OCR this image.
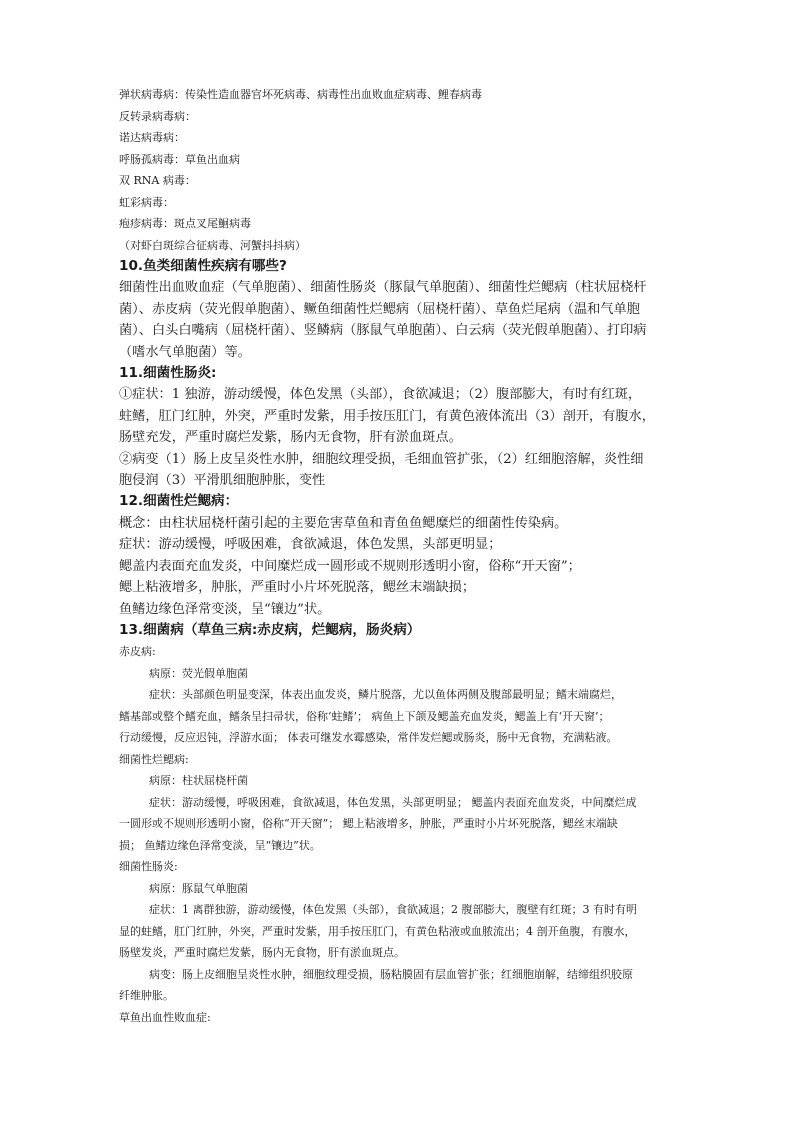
弹状病毒病：传染性造血器官坏死病毒、病毒性出血败血症病毒、鲤春病毒
反转录病毒病：
诺达病毒病：
呼肠孤病毒：草鱼出血病
双 RNA 病毒：
虹彩病毒：
疱疹病毒：斑点叉尾鮰病毒
（对虾白斑综合征病毒、河蟹抖抖病）
10.鱼类细菌性疾病有哪些?
细菌性出血败血症（气单胞菌）、细菌性肠炎（豚鼠气单胞菌）、细菌性烂鳃病（柱状屈桡杆
菌）、赤皮病（荧光假单胞菌）、鳜鱼细菌性烂鳃病（屈桡杆菌）、草鱼烂尾病（温和气单胞
菌）、白头白嘴病（屈桡杆菌）、竖鳞病（豚鼠气单胞菌）、白云病（荧光假单胞菌）、打印病
（嗜水气单胞菌）等。
11.细菌性肠炎:
①症状：1 独游，游动缓慢，体色发黑（头部），食欲减退；（2）腹部膨大，有时有红斑，
蛀鳍，肛门红肿，外突，严重时发紫，用手按压肛门，有黄色液体流出（3）剖开，有腹水，
肠壁充发，严重时腐烂发紫，肠内无食物，肝有淤血斑点。
②病变（1）肠上皮呈炎性水肿，细胞纹理受损，毛细血管扩张，（2）红细胞溶解，炎性细
胞侵润（3）平滑肌细胞肿胀，变性
12.细菌性烂鳃病：
概念：由柱状屈桡杆菌引起的主要危害草鱼和青鱼鱼鳃糜烂的细菌性传染病。
症状：游动缓慢，呼吸困难，食欲减退，体色发黑，头部更明显；
鳃盖内表面充血发炎，中间糜烂成一圆形或不规则形透明小窗，俗称“开天窗”；
鳃上粘液增多，肿胀，严重时小片坏死脱落，鳃丝末端缺损；
鱼鳍边缘色泽常变淡，呈“镶边”状。
13.细菌病（草鱼三病:赤皮病，烂鳃病，肠炎病）
赤皮病:
病原：荧光假单胞菌
症状：头部颜色明显变深，体表出血发炎，鳞片脱落，尤以鱼体两侧及腹部最明显；鳍末端腐烂，
鳍基部或整个鳍充血，鳍条呈扫帚状，俗称‘蛀鳍’； 病鱼上下颌及鳃盖充血发炎，鳃盖上有‘开天窗’；
行动缓慢，反应迟钝，浮游水面； 体表可继发水霉感染，常伴发烂鳃或肠炎，肠中无食物，充满粘液。
细菌性烂鳃病:
病原：柱状屈桡杆菌
症状：游动缓慢，呼吸困难，食欲减退，体色发黑，头部更明显； 鳃盖内表面充血发炎，中间糜烂成
一圆形或不规则形透明小窗，俗称“开天窗”； 鳃上粘液增多，肿胀，严重时小片坏死脱落，鳃丝末端缺
损； 鱼鳍边缘色泽常变淡，呈“镶边”状。
细菌性肠炎:
病原：豚鼠气单胞菌
症状：1 离群独游，游动缓慢，体色发黑（头部），食欲减退；2 腹部膨大，腹壁有红斑；3 有时有明
显的蛀鳍，肛门红肿，外突，严重时发紫，用手按压肛门，有黄色粘液或血脓流出；4 剖开鱼腹，有腹水，
肠壁发炎，严重时腐烂发紫，肠内无食物，肝有淤血斑点。
病变：肠上皮细胞呈炎性水肿，细胞纹理受损，肠粘膜固有层血管扩张；红细胞崩解，结缔组织胶原
纤维肿胀。
草鱼出血性败血症:
